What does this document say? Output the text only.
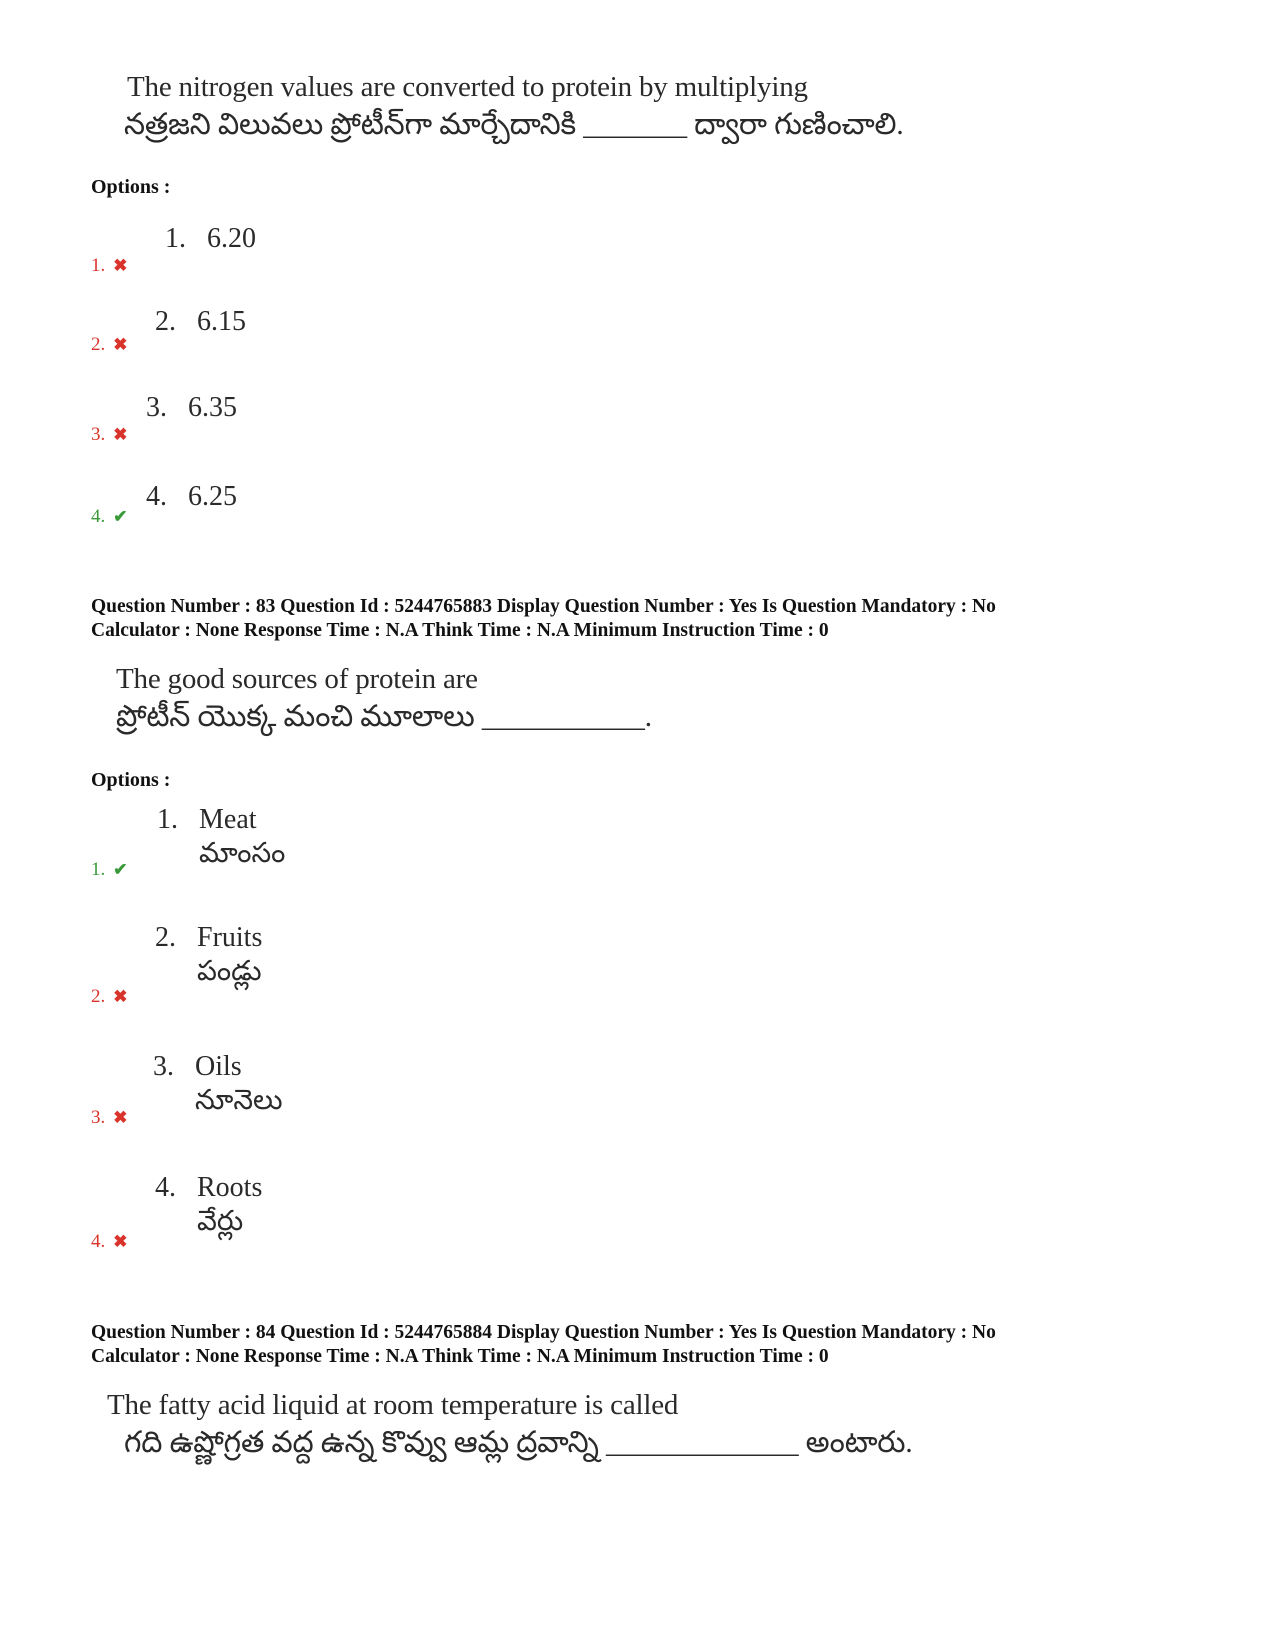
The nitrogen values are converted to protein by multiplying
నత్రజని విలువలు ప్రోటీన్‌గా మార్చేదానికి _______ ద్వారా గుణించాలి.
Options :
1. 6.20
1. ✖
2. 6.15
2. ✖
3. 6.35
3. ✖
4. 6.25
4. ✔
Question Number : 83 Question Id : 5244765883 Display Question Number : Yes Is Question Mandatory : No
Calculator : None Response Time : N.A Think Time : N.A Minimum Instruction Time : 0
The good sources of protein are
ప్రోటీన్ యొక్క మంచి మూలాలు ___________.
Options :
1. Meat
మాంసం
1. ✔
2. Fruits
పండ్లు
2. ✖
3. Oils
నూనెలు
3. ✖
4. Roots
వేర్లు
4. ✖
Question Number : 84 Question Id : 5244765884 Display Question Number : Yes Is Question Mandatory : No
Calculator : None Response Time : N.A Think Time : N.A Minimum Instruction Time : 0
The fatty acid liquid at room temperature is called
గది ఉష్ణోగ్రత వద్ద ఉన్న కొవ్వు ఆమ్ల ద్రవాన్ని _____________ అంటారు.
